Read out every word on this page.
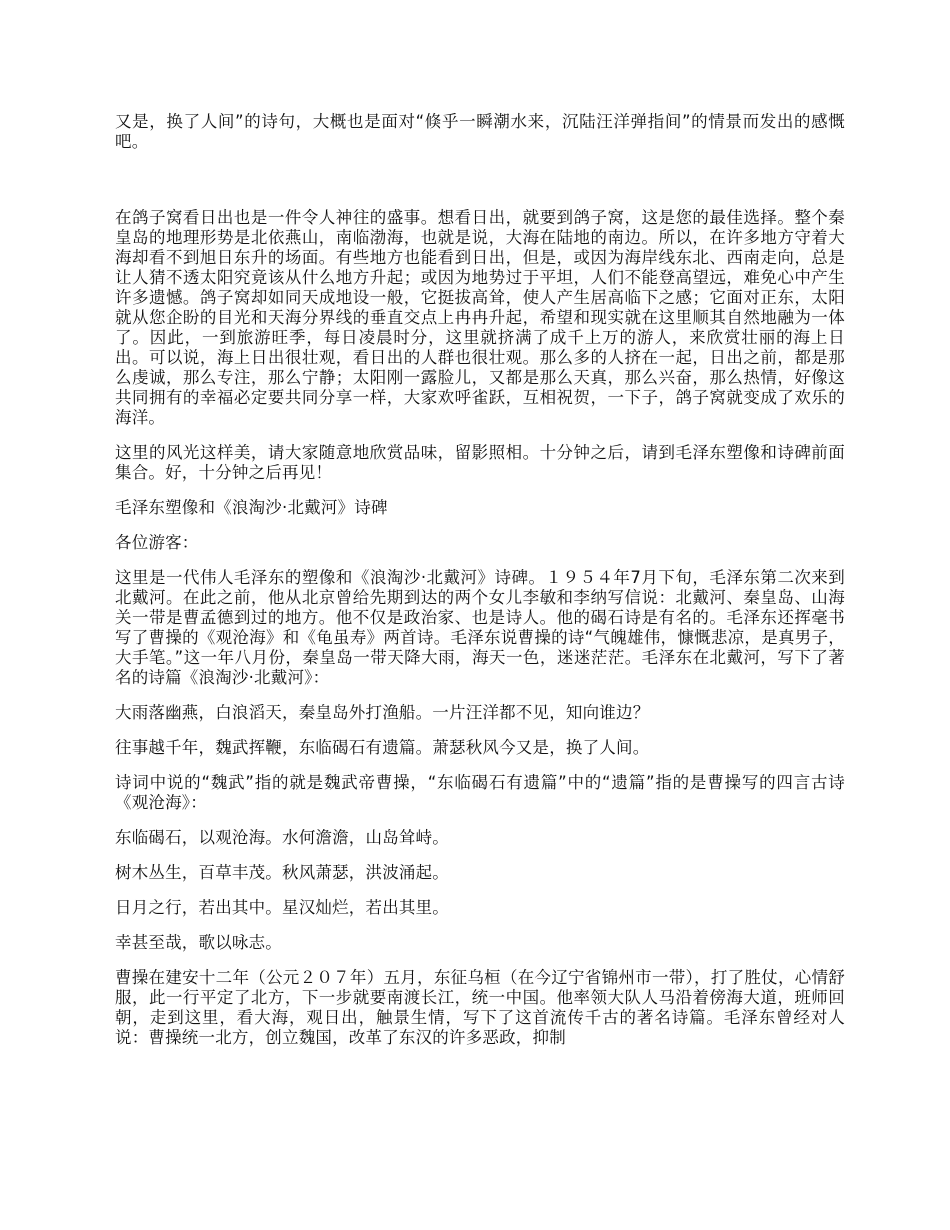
又是，换了人间”的诗句，大概也是面对“倏乎一瞬潮水来，沉陆汪洋弹指间”的情景而发出的感慨吧。

在鸽子窝看日出也是一件令人神往的盛事。想看日出，就要到鸽子窝，这是您的最佳选择。整个秦皇岛的地理形势是北依燕山，南临渤海，也就是说，大海在陆地的南边。所以，在许多地方守着大海却看不到旭日东升的场面。有些地方也能看到日出，但是，或因为海岸线东北、西南走向，总是让人猜不透太阳究竟该从什么地方升起；或因为地势过于平坦，人们不能登高望远，难免心中产生许多遗憾。鸽子窝却如同天成地设一般，它挺拔高耸，使人产生居高临下之感；它面对正东，太阳就从您企盼的目光和天海分界线的垂直交点上冉冉升起，希望和现实就在这里顺其自然地融为一体了。因此，一到旅游旺季，每日凌晨时分，这里就挤满了成千上万的游人，来欣赏壮丽的海上日出。可以说，海上日出很壮观，看日出的人群也很壮观。那么多的人挤在一起，日出之前，都是那么虔诚，那么专注，那么宁静；太阳刚一露脸儿，又都是那么天真，那么兴奋，那么热情，好像这共同拥有的幸福必定要共同分享一样，大家欢呼雀跃，互相祝贺，一下子，鸽子窝就变成了欢乐的海洋。

这里的风光这样美，请大家随意地欣赏品味，留影照相。十分钟之后，请到毛泽东塑像和诗碑前面集合。好，十分钟之后再见！

毛泽东塑像和《浪淘沙·北戴河》诗碑

各位游客：

这里是一代伟人毛泽东的塑像和《浪淘沙·北戴河》诗碑。１９５４年7月下旬，毛泽东第二次来到北戴河。在此之前，他从北京曾给先期到达的两个女儿李敏和李纳写信说：北戴河、秦皇岛、山海关一带是曹孟德到过的地方。他不仅是政治家、也是诗人。他的碣石诗是有名的。毛泽东还挥毫书写了曹操的《观沧海》和《龟虽寿》两首诗。毛泽东说曹操的诗“气魄雄伟，慷慨悲凉，是真男子，大手笔。”这一年八月份，秦皇岛一带天降大雨，海天一色，迷迷茫茫。毛泽东在北戴河，写下了著名的诗篇《浪淘沙·北戴河》：

大雨落幽燕，白浪滔天，秦皇岛外打渔船。一片汪洋都不见，知向谁边？

往事越千年，魏武挥鞭，东临碣石有遗篇。萧瑟秋风今又是，换了人间。

诗词中说的“魏武”指的就是魏武帝曹操，“东临碣石有遗篇”中的“遗篇”指的是曹操写的四言古诗《观沧海》：

东临碣石，以观沧海。水何澹澹，山岛耸峙。

树木丛生，百草丰茂。秋风萧瑟，洪波涌起。

日月之行，若出其中。星汉灿烂，若出其里。

幸甚至哉，歌以咏志。

曹操在建安十二年（公元２０７年）五月，东征乌桓（在今辽宁省锦州市一带），打了胜仗，心情舒服，此一行平定了北方，下一步就要南渡长江，统一中国。他率领大队人马沿着傍海大道，班师回朝，走到这里，看大海，观日出，触景生情，写下了这首流传千古的著名诗篇。毛泽东曾经对人说：曹操统一北方，创立魏国，改革了东汉的许多恶政，抑制
